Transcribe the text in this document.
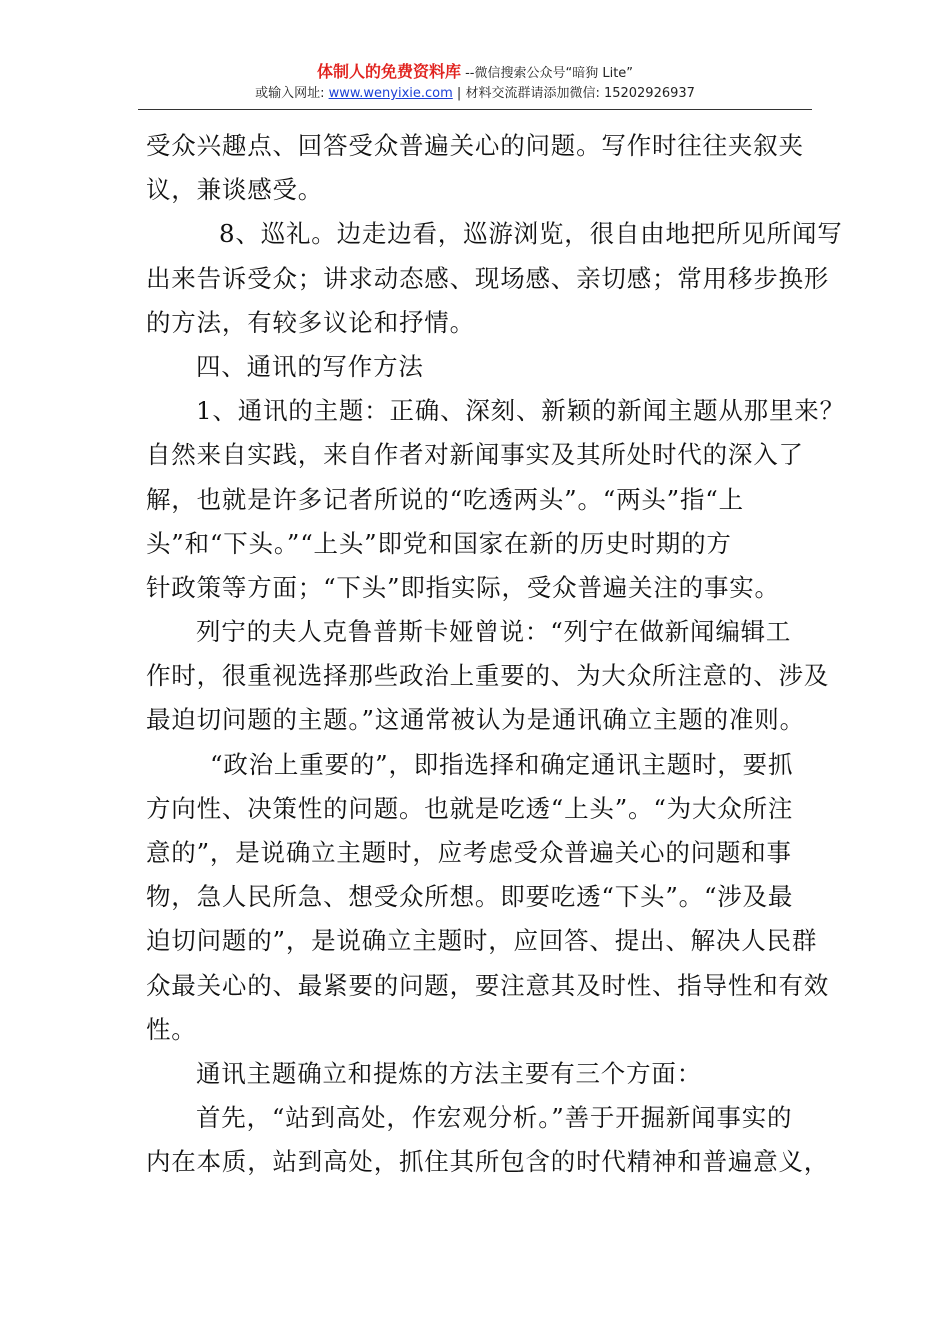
体制人的免费资料库 --微信搜索公众号“暗狗 Lite”
或输入网址: www.wenyixie.com | 材料交流群请添加微信: 15202926937
受众兴趣点、回答受众普遍关心的问题。写作时往往夹叙夹
议，兼谈感受。
8、巡礼。边走边看，巡游浏览，很自由地把所见所闻写
出来告诉受众；讲求动态感、现场感、亲切感；常用移步换形
的方法，有较多议论和抒情。
四、通讯的写作方法
1、通讯的主题：正确、深刻、新颖的新闻主题从那里来？
自然来自实践，来自作者对新闻事实及其所处时代的深入了
解，也就是许多记者所说的“吃透两头”。“两头”指“上
头”和“下头。”“上头”即党和国家在新的历史时期的方
针政策等方面；“下头”即指实际，受众普遍关注的事实。
列宁的夫人克鲁普斯卡娅曾说：“列宁在做新闻编辑工
作时，很重视选择那些政治上重要的、为大众所注意的、涉及
最迫切问题的主题。”这通常被认为是通讯确立主题的准则。
“政治上重要的”，即指选择和确定通讯主题时，要抓
方向性、决策性的问题。也就是吃透“上头”。“为大众所注
意的”，是说确立主题时，应考虑受众普遍关心的问题和事
物，急人民所急、想受众所想。即要吃透“下头”。“涉及最
迫切问题的”，是说确立主题时，应回答、提出、解决人民群
众最关心的、最紧要的问题，要注意其及时性、指导性和有效
性。
通讯主题确立和提炼的方法主要有三个方面：
首先，“站到高处，作宏观分析。”善于开掘新闻事实的
内在本质，站到高处，抓住其所包含的时代精神和普遍意义，
